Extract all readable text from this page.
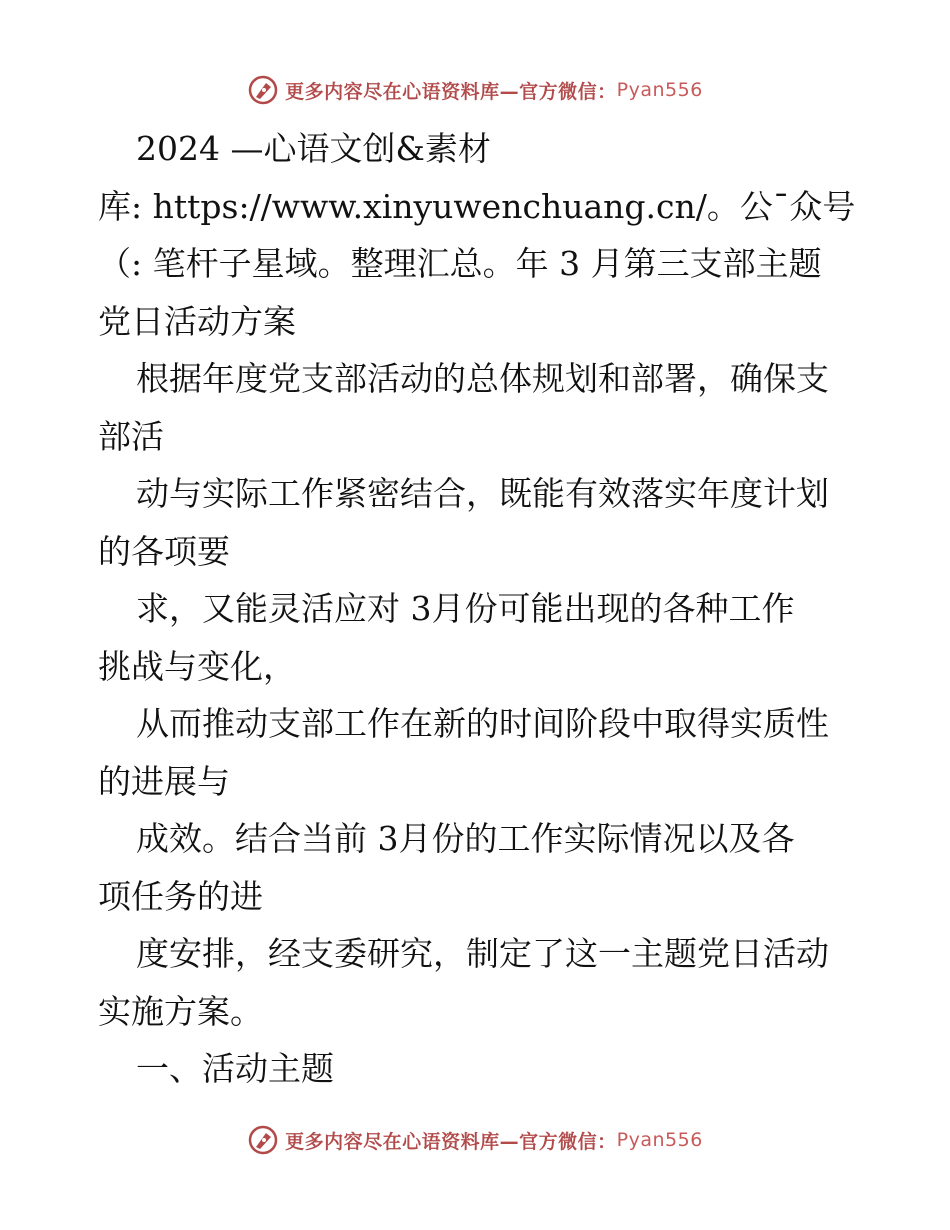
更多内容尽在心语资料库—官方微信： Pyan556
2024 —心语文创&素材
库: https://www.xinyuwenchuang.cn/。公¯众号
（: 笔杆子星域。整理汇总。年 3 月第三支部主题
党日活动方案
根据年度党支部活动的总体规划和部署，确保支
部活
动与实际工作紧密结合，既能有效落实年度计划
的各项要
求，又能灵活应对 3月份可能出现的各种工作
挑战与变化，
从而推动支部工作在新的时间阶段中取得实质性
的进展与
成效。结合当前 3月份的工作实际情况以及各
项任务的进
度安排，经支委研究，制定了这一主题党日活动
实施方案。
一、活动主题
更多内容尽在心语资料库—官方微信： Pyan556
